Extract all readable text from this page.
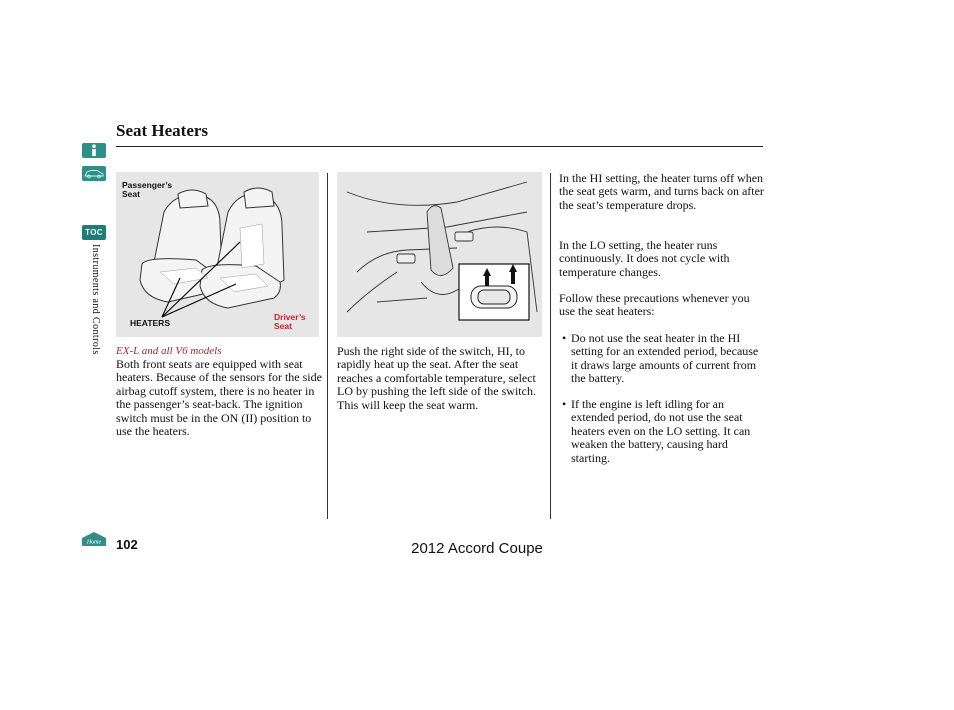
Seat Heaters
TOC
Instruments and Controls
Passenger’s
Seat
HEATERS
Driver’s
Seat
EX-L and all V6 models

Both front seats are equipped with seat heaters. Because of the sensors for the side airbag cutoff system, there is no heater in the passenger’s seat-back. The ignition switch must be in the ON (II) position to use the heaters.

Push the right side of the switch, HI, to rapidly heat up the seat. After the seat reaches a comfortable temperature, select LO by pushing the left side of the switch. This will keep the seat warm.

In the HI setting, the heater turns off when the seat gets warm, and turns back on after the seat’s temperature drops.

In the LO setting, the heater runs continuously. It does not cycle with temperature changes.

Follow these precautions whenever you use the seat heaters:

• Do not use the seat heater in the HI setting for an extended period, because it draws large amounts of current from the battery.
• If the engine is left idling for an extended period, do not use the seat heaters even on the LO setting. It can weaken the battery, causing hard starting.
Home 102	2012 Accord Coupe
